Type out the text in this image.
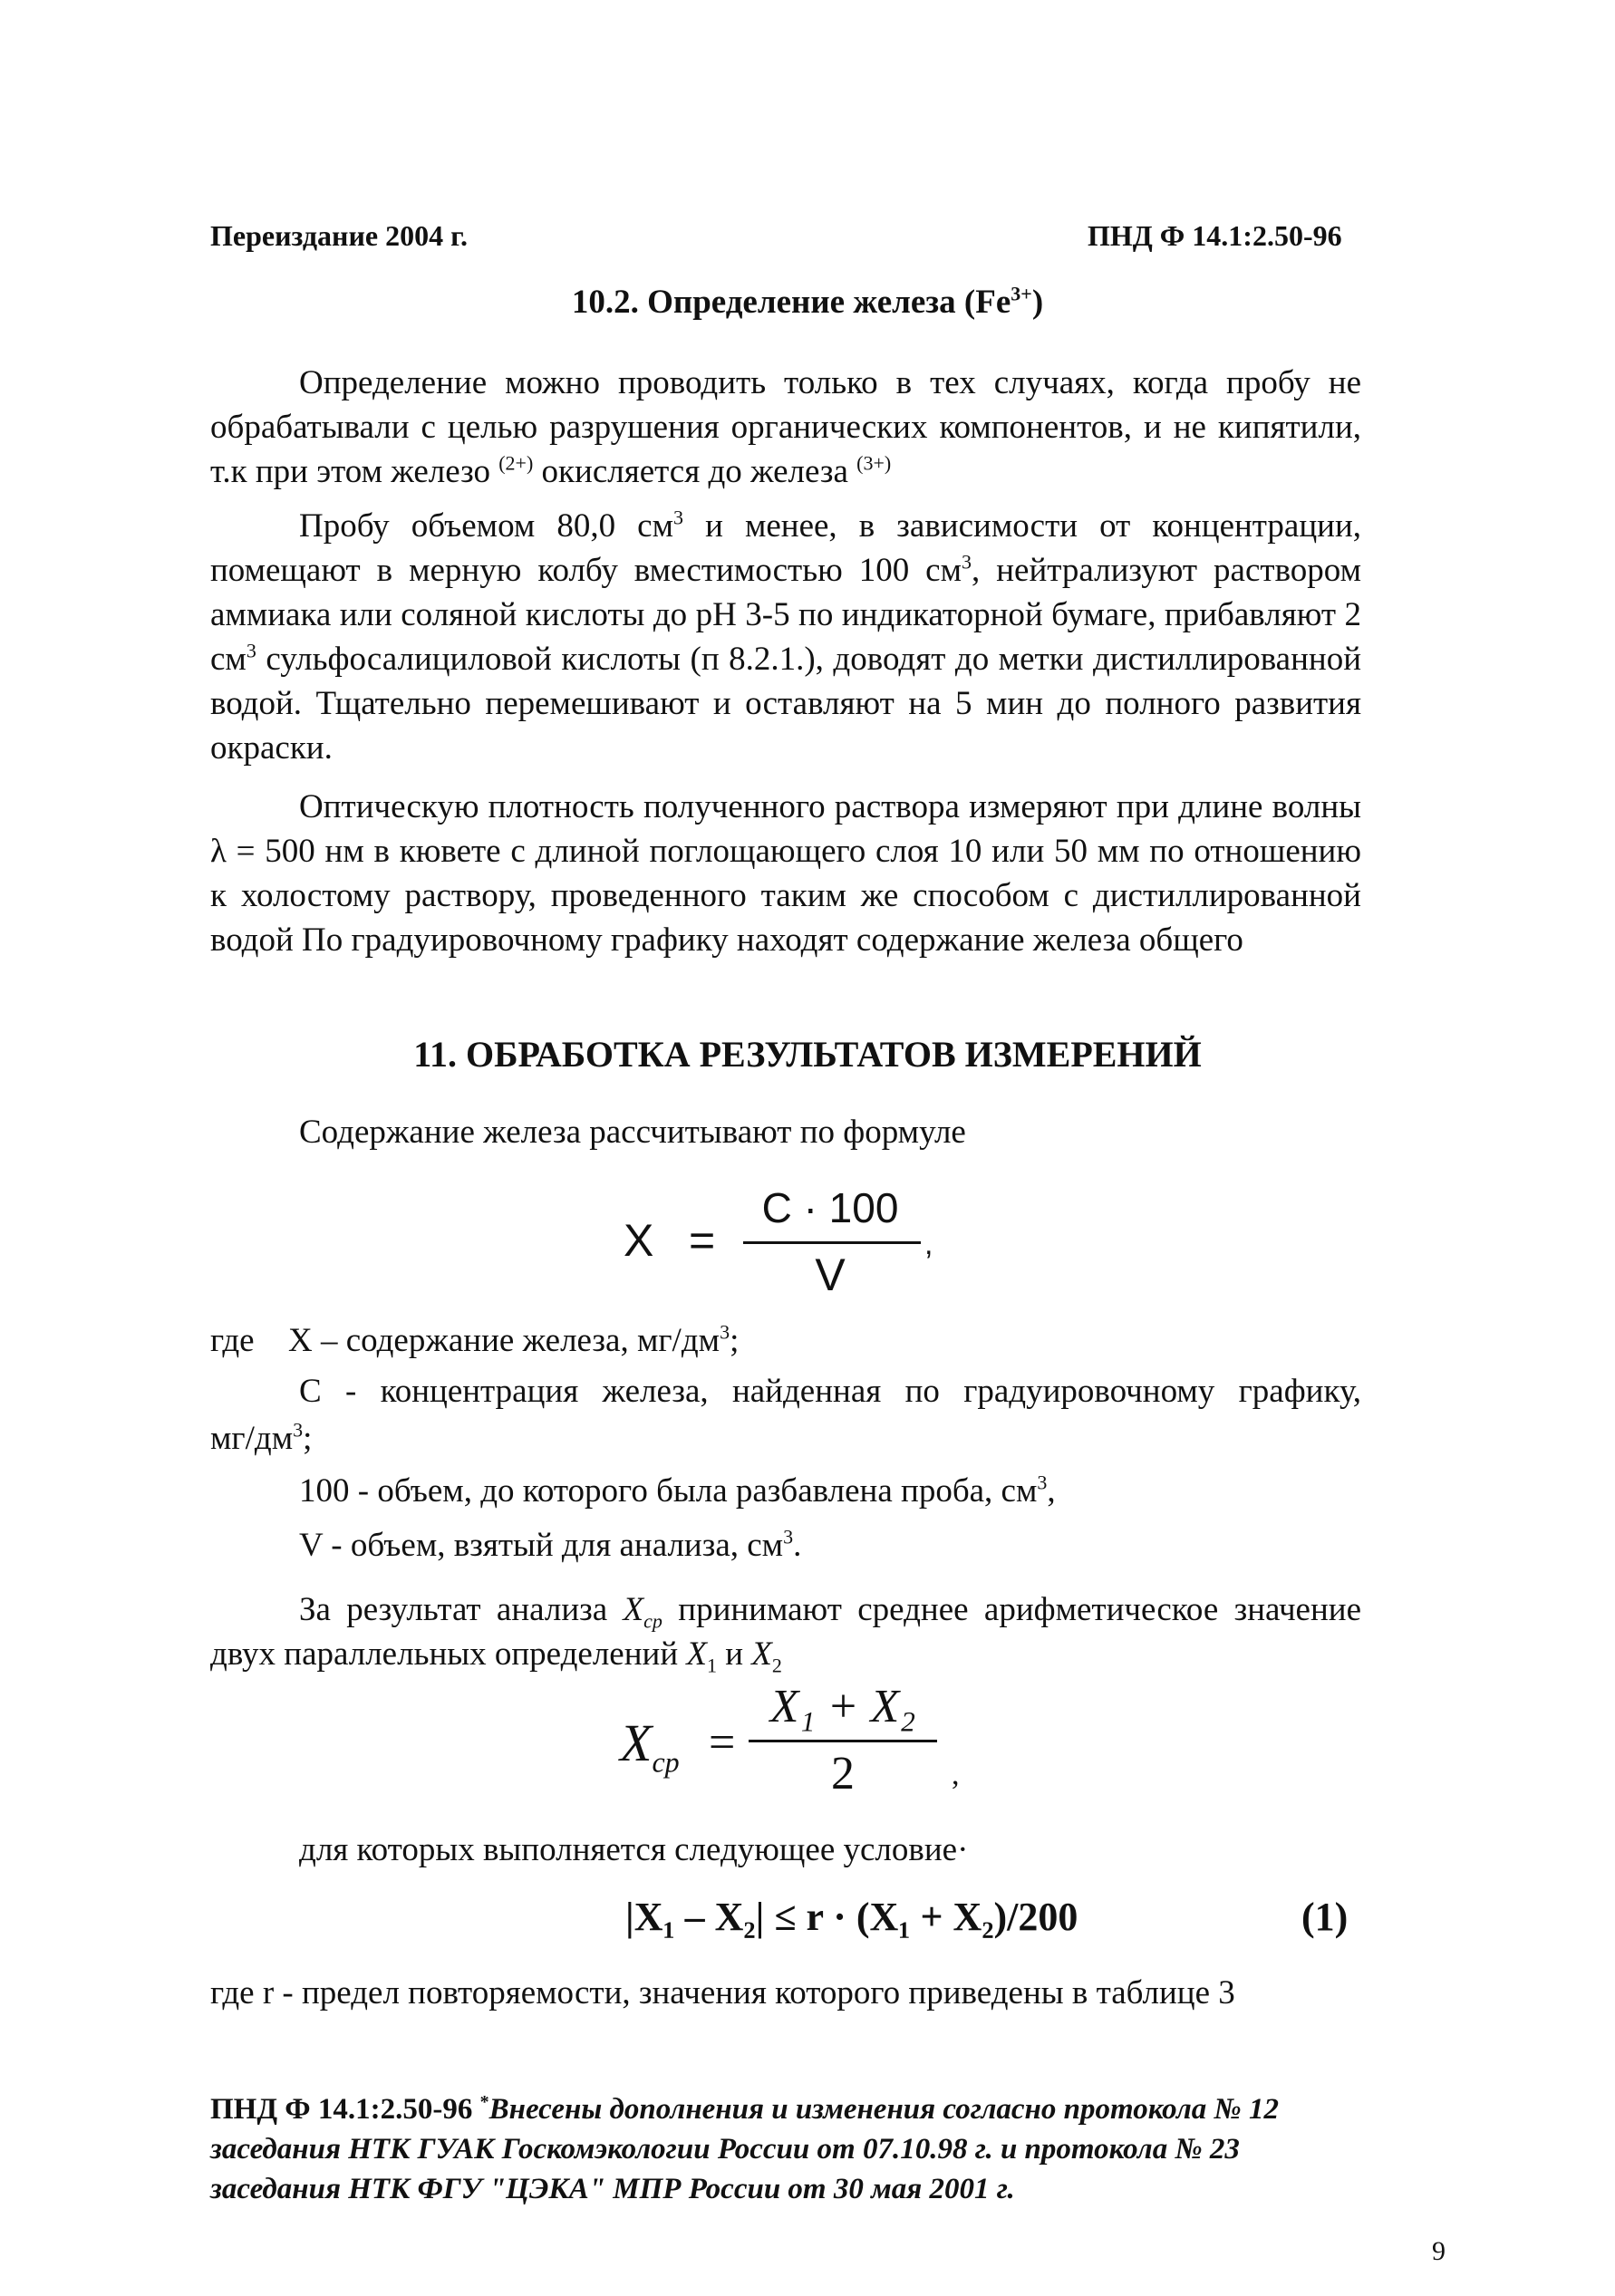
Переиздание 2004 г.	ПНД Ф 14.1:2.50-96
10.2. Определение железа $(Fe^{3+})$
Определение можно проводить только в тех случаях, когда пробу не обрабатывали с целью разрушения органических компонентов, и не кипятили, т.к при этом железо $^{(2+)}$ окисляется до железа $^{(3+)}$
Пробу объемом 80,0 $см^3$ и менее, в зависимости от концентрации, помещают в мерную колбу вместимостью 100 $см^3$, нейтрализуют раствором аммиака или соляной кислоты до pH 3-5 по индикаторной бумаге, прибавляют 2 $см^3$ сульфосалициловой кислоты (п 8.2.1.), доводят до метки дистиллированной водой. Тщательно перемешивают и оставляют на 5 мин до полного развития окраски.
Оптическую плотность полученного раствора измеряют при длине волны λ = 500 нм в кювете с длиной поглощающего слоя 10 или 50 мм по отношению к холостому раствору, проведенного таким же способом с дистиллированной водой По градуировочному графику находят содержание железа общего
11. ОБРАБОТКА РЕЗУЛЬТАТОВ ИЗМЕРЕНИЙ
Содержание железа рассчитывают по формуле
X =
C · 100
V
,
где X – содержание железа, $мг/дм^3$;
С - концентрация железа, найденная по градуировочному графику,
$мг/дм^3$;
100 - объем, до которого была разбавлена проба, $см^3$,
V - объем, взятый для анализа, $см^3$.
За результат анализа $X_{cp}$ принимают среднее арифметическое значение двух параллельных определений $X_1$ и $X_2$
$X_{cp}$ =
X₁ + X₂
2	,
для которых выполняется следующее условие·
|X₁ – X₂| ≤ r · (X₁ + X₂)/200	(1)
где r - предел повторяемости, значения которого приведены в таблице 3
ПНД Ф 14.1:2.50-96 *Внесены дополнения и изменения согласно протокола № 12 заседания НТК ГУАК Госкомэкологии России от 07.10.98 г. и протокола № 23 заседания НТК ФГУ "ЦЭКА" МПР России от 30 мая 2001 г.
9
